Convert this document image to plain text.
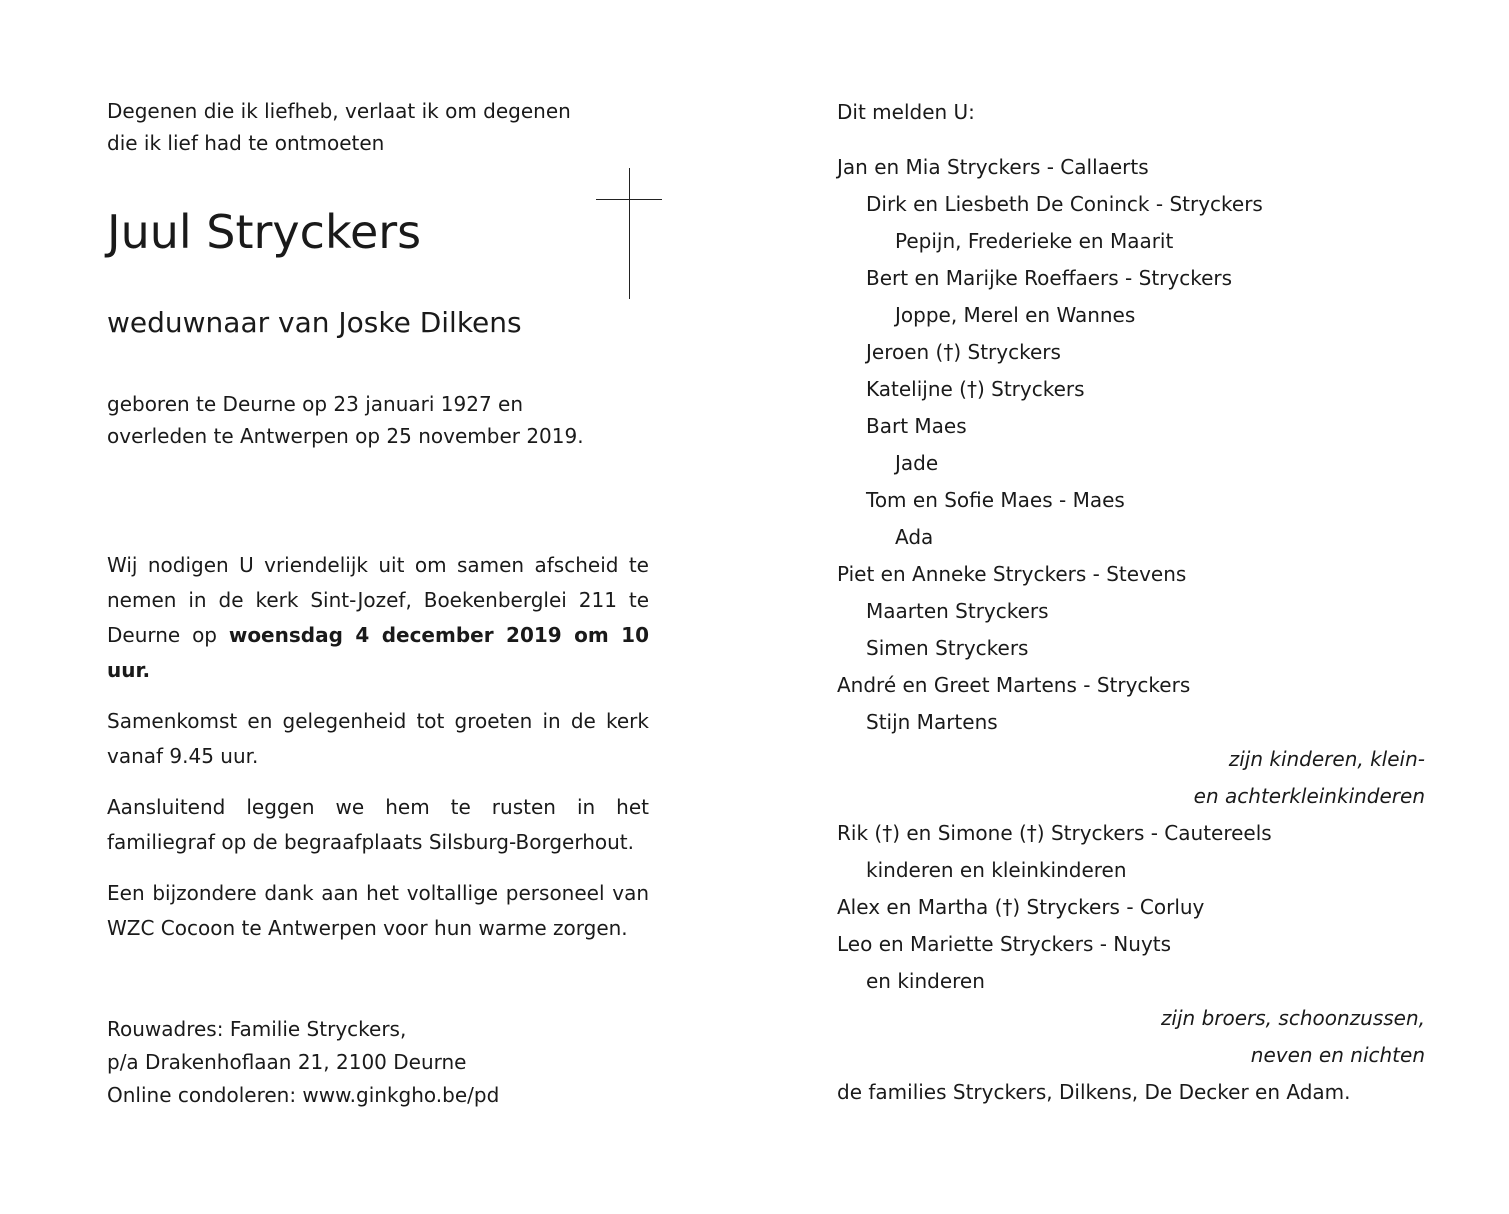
Degenen die ik liefheb, verlaat ik om degenen

die ik lief had te ontmoeten

Juul Stryckers
weduwnaar van Joske Dilkens
geboren te Deurne op 23 januari 1927 en
overleden te Antwerpen op 25 november 2019.

Wij nodigen U vriendelijk uit om samen afscheid te nemen in de kerk Sint-Jozef, Boekenberglei 211 te Deurne op woensdag 4 december 2019 om 10 uur.

Samenkomst en gelegenheid tot groeten in de kerk vanaf 9.45 uur.

Aansluitend leggen we hem te rusten in het familiegraf op de begraafplaats Silsburg-Borgerhout.

Een bijzondere dank aan het voltallige personeel van WZC Cocoon te Antwerpen voor hun warme zorgen.

Rouwadres: Familie Stryckers,
p/a Drakenhoflaan 21, 2100 Deurne
Online condoleren: www.ginkgho.be/pd
Dit melden U:
Jan en Mia Stryckers - Callaerts
Dirk en Liesbeth De Coninck - Stryckers
Pepijn, Frederieke en Maarit
Bert en Marijke Roeffaers - Stryckers
Joppe, Merel en Wannes
Jeroen (†) Stryckers
Katelijne (†) Stryckers
Bart Maes
Jade
Tom en Sofie Maes - Maes
Ada
Piet en Anneke Stryckers - Stevens
Maarten Stryckers
Simen Stryckers
André en Greet Martens - Stryckers
Stijn Martens
zijn kinderen, klein-
en achterkleinkinderen
Rik (†) en Simone (†) Stryckers - Cautereels
kinderen en kleinkinderen
Alex en Martha (†) Stryckers - Corluy
Leo en Mariette Stryckers - Nuyts
en kinderen
zijn broers, schoonzussen,
neven en nichten
de families Stryckers, Dilkens, De Decker en Adam.
